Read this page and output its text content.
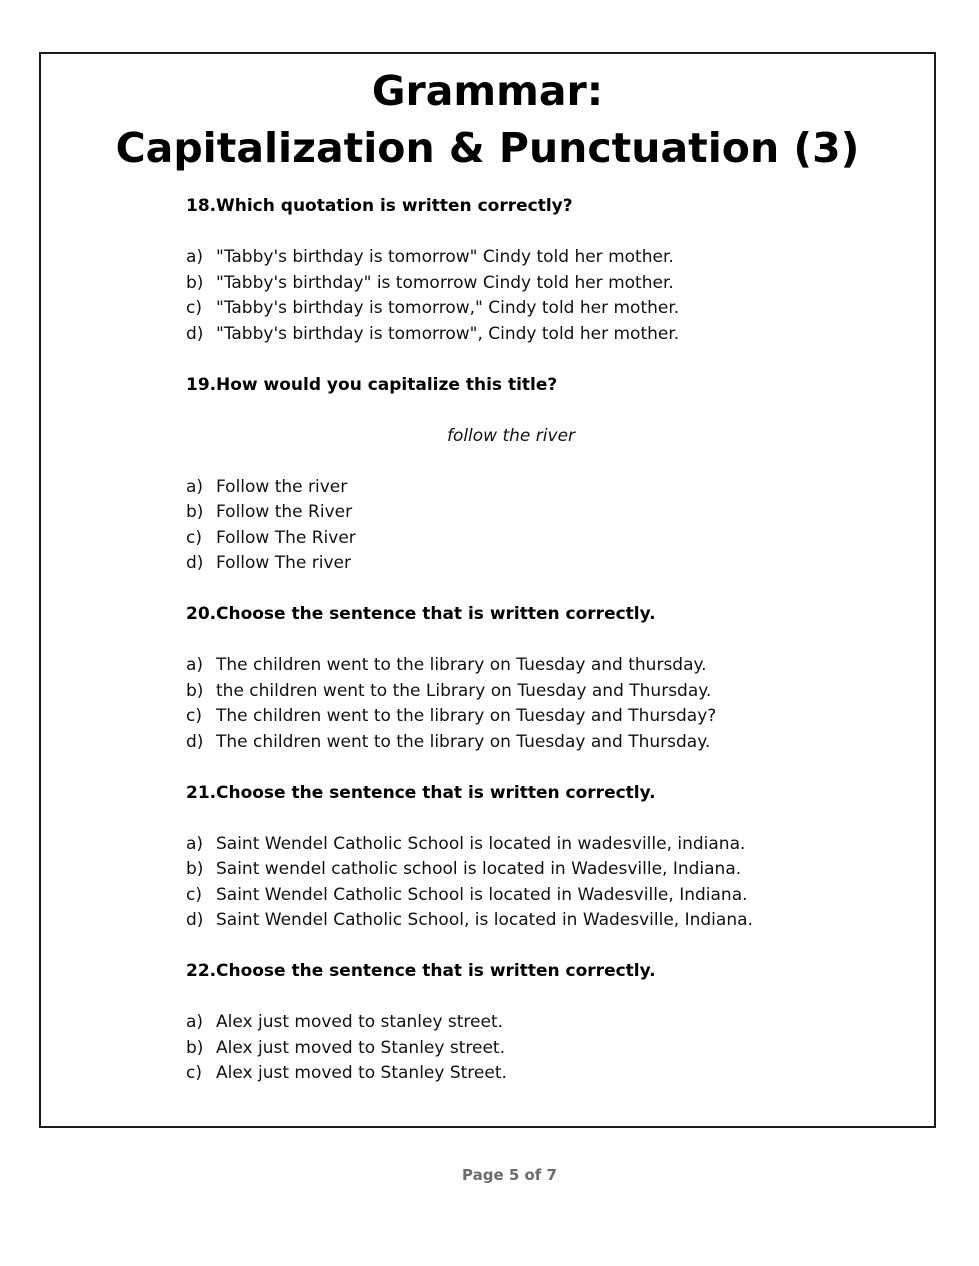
Grammar:
Capitalization & Punctuation (3)
18. Which quotation is written correctly?
a) "Tabby's birthday is tomorrow" Cindy told her mother.
b) "Tabby's birthday" is tomorrow Cindy told her mother.
c) "Tabby's birthday is tomorrow," Cindy told her mother.
d) "Tabby's birthday is tomorrow", Cindy told her mother.
19. How would you capitalize this title?
follow the river
a) Follow the river
b) Follow the River
c) Follow The River
d) Follow The river
20. Choose the sentence that is written correctly.
a) The children went to the library on Tuesday and thursday.
b) the children went to the Library on Tuesday and Thursday.
c) The children went to the library on Tuesday and Thursday?
d) The children went to the library on Tuesday and Thursday.
21. Choose the sentence that is written correctly.
a) Saint Wendel Catholic School is located in wadesville, indiana.
b) Saint wendel catholic school is located in Wadesville, Indiana.
c) Saint Wendel Catholic School is located in Wadesville, Indiana.
d) Saint Wendel Catholic School, is located in Wadesville, Indiana.
22. Choose the sentence that is written correctly.
a) Alex just moved to stanley street.
b) Alex just moved to Stanley street.
c) Alex just moved to Stanley Street.
Page 5 of 7
